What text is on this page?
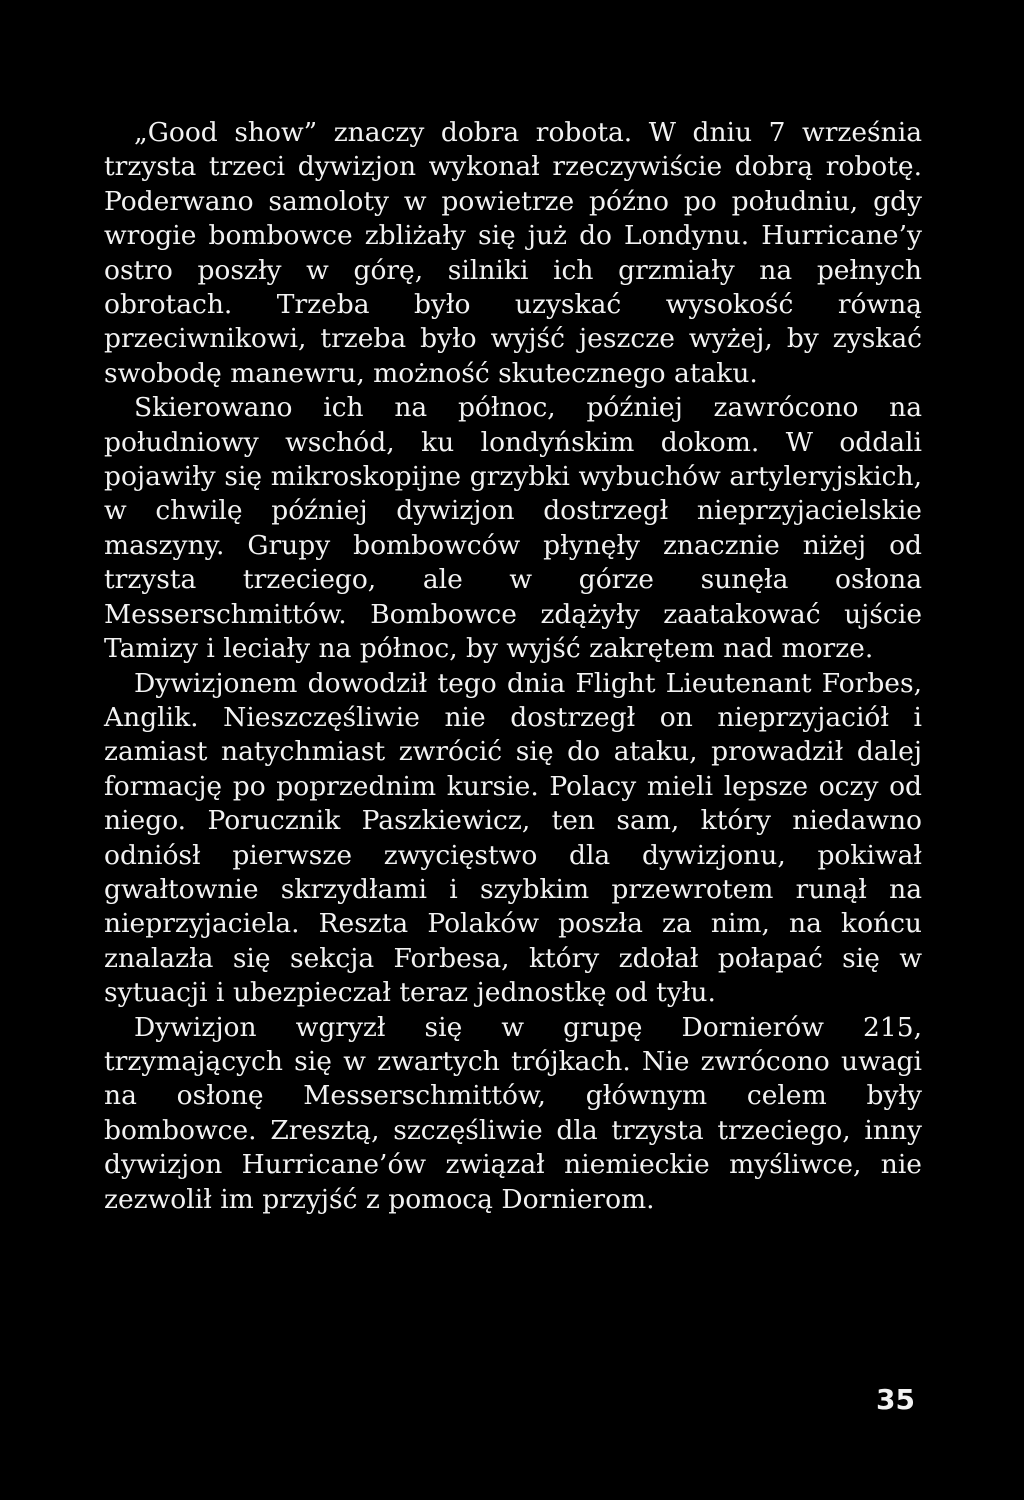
„Good show” znaczy dobra robota. W dniu 7 września trzysta trzeci dywizjon wykonał rzeczywiście dobrą robotę. Poderwano samoloty w powietrze późno po południu, gdy wrogie bombowce zbliżały się już do Londynu. Hurricane’y ostro poszły w górę, silniki ich grzmiały na pełnych obrotach. Trzeba było uzyskać wysokość równą przeciwnikowi, trzeba było wyjść jeszcze wyżej, by zyskać swobodę manewru, możność skutecznego ataku.

Skierowano ich na północ, później zawrócono na południowy wschód, ku londyńskim dokom. W oddali pojawiły się mikroskopijne grzybki wybuchów artyleryjskich, w chwilę później dywizjon dostrzegł nieprzyjacielskie maszyny. Grupy bombowców płynęły znacznie niżej od trzysta trzeciego, ale w górze sunęła osłona Messerschmittów. Bombowce zdążyły zaatakować ujście Tamizy i leciały na północ, by wyjść zakrętem nad morze.

Dywizjonem dowodził tego dnia Flight Lieutenant Forbes, Anglik. Nieszczęśliwie nie dostrzegł on nieprzyjaciół i zamiast natychmiast zwrócić się do ataku, prowadził dalej formację po poprzednim kursie. Polacy mieli lepsze oczy od niego. Porucznik Paszkiewicz, ten sam, który niedawno odniósł pierwsze zwycięstwo dla dywizjonu, pokiwał gwałtownie skrzydłami i szybkim przewrotem runął na nieprzyjaciela. Reszta Polaków poszła za nim, na końcu znalazła się sekcja Forbesa, który zdołał połapać się w sytuacji i ubezpieczał teraz jednostkę od tyłu.

Dywizjon wgryzł się w grupę Dornierów 215, trzymających się w zwartych trójkach. Nie zwrócono uwagi na osłonę Messerschmittów, głównym celem były bombowce. Zresztą, szczęśliwie dla trzysta trzeciego, inny dywizjon Hurricane’ów związał niemieckie myśliwce, nie zezwolił im przyjść z pomocą Dornierom.

35
